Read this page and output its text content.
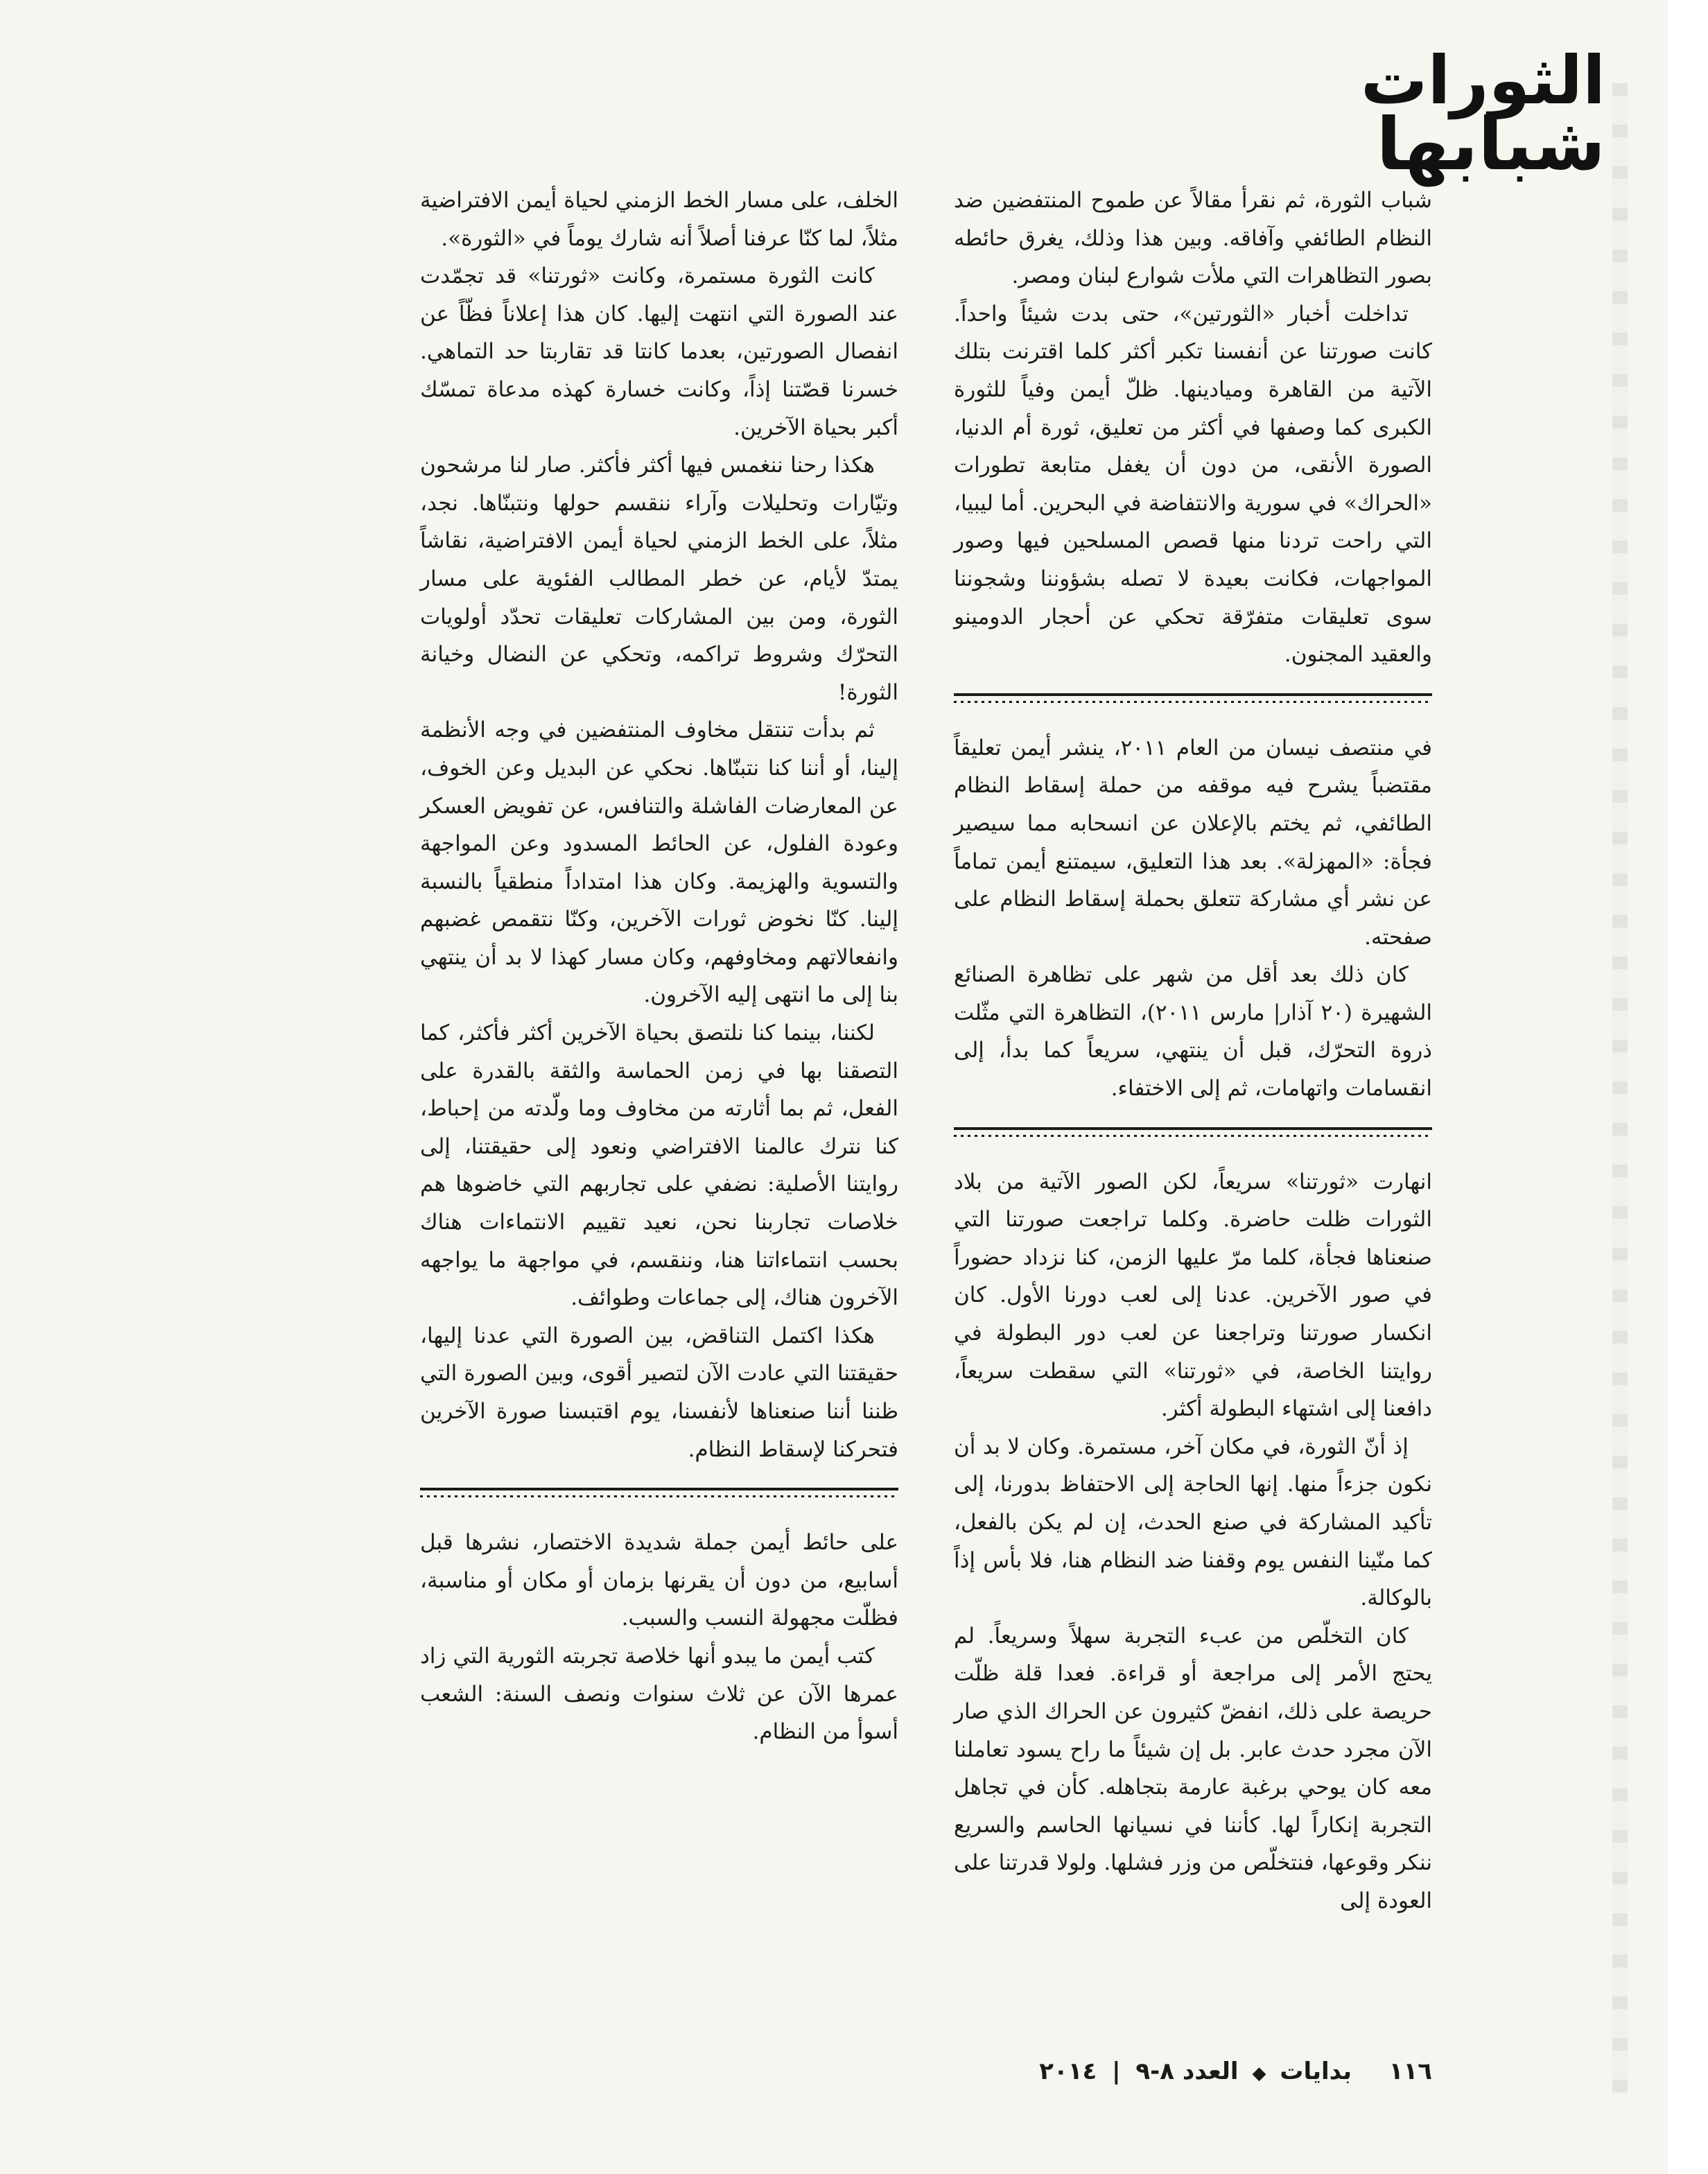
الثورات
شبابها

شباب الثورة، ثم نقرأ مقالاً عن طموح المنتفضين ضد النظام الطائفي وآفاقه. وبين هذا وذلك، يغرق حائطه بصور التظاهرات التي ملأت شوارع لبنان ومصر.

تداخلت أخبار «الثورتين»، حتى بدت شيئاً واحداً. كانت صورتنا عن أنفسنا تكبر أكثر كلما اقترنت بتلك الآتية من القاهرة وميادينها. ظلّ أيمن وفياً للثورة الكبرى كما وصفها في أكثر من تعليق، ثورة أم الدنيا، الصورة الأنقى، من دون أن يغفل متابعة تطورات «الحراك» في سورية والانتفاضة في البحرين. أما ليبيا، التي راحت تردنا منها قصص المسلحين فيها وصور المواجهات، فكانت بعيدة لا تصله بشؤوننا وشجوننا سوى تعليقات متفرّقة تحكي عن أحجار الدومينو والعقيد المجنون.

في منتصف نيسان من العام ٢٠١١، ينشر أيمن تعليقاً مقتضباً يشرح فيه موقفه من حملة إسقاط النظام الطائفي، ثم يختم بالإعلان عن انسحابه مما سيصير فجأة: «المهزلة». بعد هذا التعليق، سيمتنع أيمن تماماً عن نشر أي مشاركة تتعلق بحملة إسقاط النظام على صفحته.

كان ذلك بعد أقل من شهر على تظاهرة الصنائع الشهيرة (٢٠ آذار| مارس ٢٠١١)، التظاهرة التي مثّلت ذروة التحرّك، قبل أن ينتهي، سريعاً كما بدأ، إلى انقسامات واتهامات، ثم إلى الاختفاء.

انهارت «ثورتنا» سريعاً، لكن الصور الآتية من بلاد الثورات ظلت حاضرة. وكلما تراجعت صورتنا التي صنعناها فجأة، كلما مرّ عليها الزمن، كنا نزداد حضوراً في صور الآخرين. عدنا إلى لعب دورنا الأول. كان انكسار صورتنا وتراجعنا عن لعب دور البطولة في روايتنا الخاصة، في «ثورتنا» التي سقطت سريعاً، دافعنا إلى اشتهاء البطولة أكثر.

إذ أنّ الثورة، في مكان آخر، مستمرة. وكان لا بد أن نكون جزءاً منها. إنها الحاجة إلى الاحتفاظ بدورنا، إلى تأكيد المشاركة في صنع الحدث، إن لم يكن بالفعل، كما منّينا النفس يوم وقفنا ضد النظام هنا، فلا بأس إذاً بالوكالة.

كان التخلّص من عبء التجربة سهلاً وسريعاً. لم يحتج الأمر إلى مراجعة أو قراءة. فعدا قلة ظلّت حريصة على ذلك، انفضّ كثيرون عن الحراك الذي صار الآن مجرد حدث عابر. بل إن شيئاً ما راح يسود تعاملنا معه كان يوحي برغبة عارمة بتجاهله. كأن في تجاهل التجربة إنكاراً لها. كأننا في نسيانها الحاسم والسريع ننكر وقوعها، فنتخلّص من وزر فشلها. ولولا قدرتنا على العودة إلى

الخلف، على مسار الخط الزمني لحياة أيمن الافتراضية مثلاً، لما كنّا عرفنا أصلاً أنه شارك يوماً في «الثورة».

كانت الثورة مستمرة، وكانت «ثورتنا» قد تجمّدت عند الصورة التي انتهت إليها. كان هذا إعلاناً فظّاً عن انفصال الصورتين، بعدما كانتا قد تقاربتا حد التماهي. خسرنا قصّتنا إذاً، وكانت خسارة كهذه مدعاة تمسّك أكبر بحياة الآخرين.

هكذا رحنا ننغمس فيها أكثر فأكثر. صار لنا مرشحون وتيّارات وتحليلات وآراء ننقسم حولها ونتبنّاها. نجد، مثلاً، على الخط الزمني لحياة أيمن الافتراضية، نقاشاً يمتدّ لأيام، عن خطر المطالب الفئوية على مسار الثورة، ومن بين المشاركات تعليقات تحدّد أولويات التحرّك وشروط تراكمه، وتحكي عن النضال وخيانة الثورة!

ثم بدأت تنتقل مخاوف المنتفضين في وجه الأنظمة إلينا، أو أننا كنا نتبنّاها. نحكي عن البديل وعن الخوف، عن المعارضات الفاشلة والتنافس، عن تفويض العسكر وعودة الفلول، عن الحائط المسدود وعن المواجهة والتسوية والهزيمة. وكان هذا امتداداً منطقياً بالنسبة إلينا. كنّا نخوض ثورات الآخرين، وكنّا نتقمص غضبهم وانفعالاتهم ومخاوفهم، وكان مسار كهذا لا بد أن ينتهي بنا إلى ما انتهى إليه الآخرون.

لكننا، بينما كنا نلتصق بحياة الآخرين أكثر فأكثر، كما التصقنا بها في زمن الحماسة والثقة بالقدرة على الفعل، ثم بما أثارته من مخاوف وما ولّدته من إحباط، كنا نترك عالمنا الافتراضي ونعود إلى حقيقتنا، إلى روايتنا الأصلية: نضفي على تجاربهم التي خاضوها هم خلاصات تجاربنا نحن، نعيد تقييم الانتماءات هناك بحسب انتماءاتنا هنا، وننقسم، في مواجهة ما يواجهه الآخرون هناك، إلى جماعات وطوائف.

هكذا اكتمل التناقض، بين الصورة التي عدنا إليها، حقيقتنا التي عادت الآن لتصير أقوى، وبين الصورة التي ظننا أننا صنعناها لأنفسنا، يوم اقتبسنا صورة الآخرين فتحركنا لإسقاط النظام.

على حائط أيمن جملة شديدة الاختصار، نشرها قبل أسابيع، من دون أن يقرنها بزمان أو مكان أو مناسبة، فظلّت مجهولة النسب والسبب.

كتب أيمن ما يبدو أنها خلاصة تجربته الثورية التي زاد عمرها الآن عن ثلاث سنوات ونصف السنة: الشعب أسوأ من النظام.

١١٦  بدايات ◆ العدد ٨-٩ | ٢٠١٤
